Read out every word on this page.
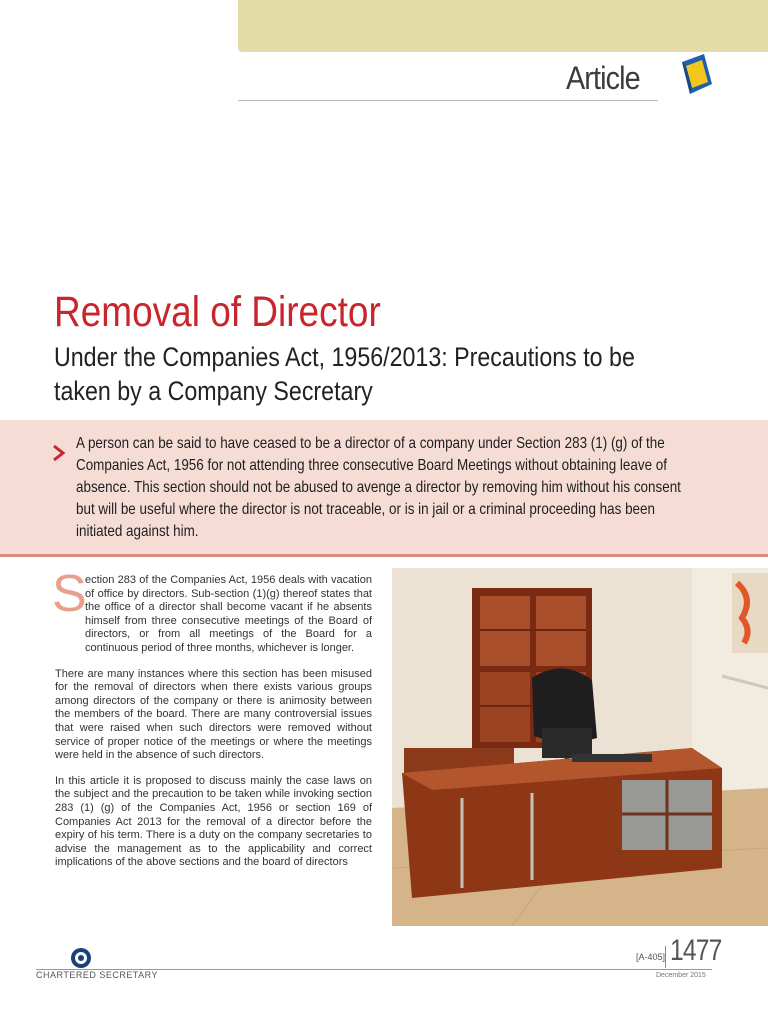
Article
Removal of Director
Under the Companies Act, 1956/2013: Precautions to be taken by a Company Secretary

A person can be said to have ceased to be a director of a company under Section 283 (1) (g) of the Companies Act, 1956 for not attending three consecutive Board Meetings without obtaining leave of absence. This section should not be abused to avenge a director by removing him without his consent but will be useful where the director is not traceable, or is in jail or a criminal proceeding has been initiated against him.

S
ection 283 of the Companies Act, 1956 deals with vacation of office by directors. Sub-section (1)(g) thereof states that the office of a director shall become vacant if he absents himself from three consecutive meetings of the Board of directors, or from all meetings of the Board for a continuous period of three months, whichever is longer.

There are many instances where this section has been misused for the removal of directors when there exists various groups among directors of the company or there is animosity between the members of the board. There are many controversial issues that were raised when such directors were removed without service of proper notice of the meetings or where the meetings were held in the absence of such directors.

In this article it is proposed to discuss mainly the case laws on the subject and the precaution to be taken while invoking section 283 (1) (g) of the Companies Act, 1956 or section 169 of Companies Act 2013 for the removal of a director before the expiry of his term. There is a duty on the company secretaries to advise the management as to the applicability and correct implications of the above sections and the board of directors

CHARTERED SECRETARY
[A-405] 1477
December 2015
